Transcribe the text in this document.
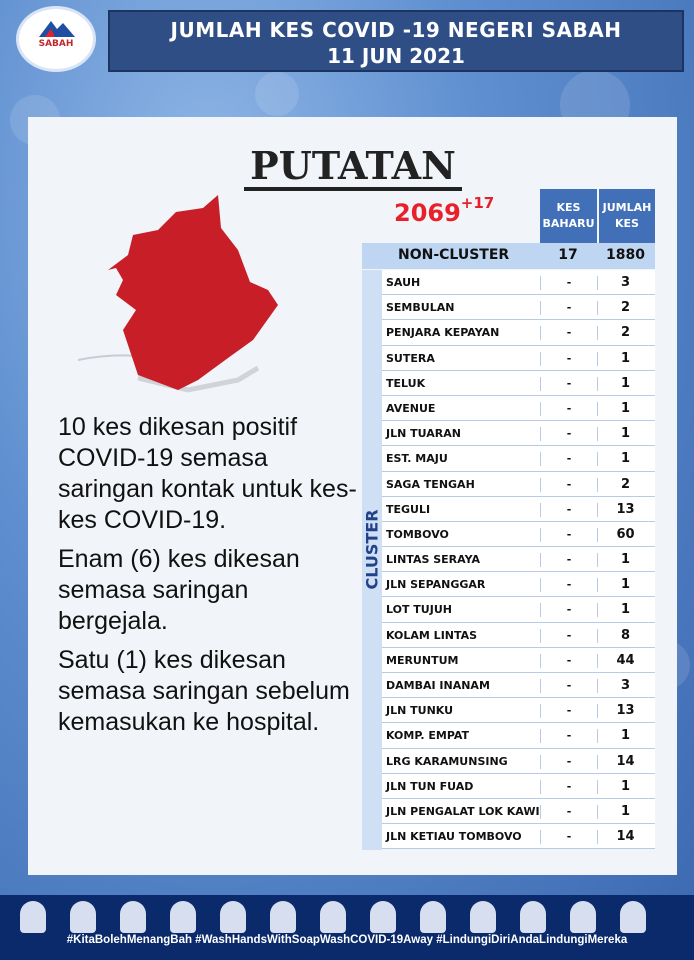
SABAH
JUMLAH KES COVID -19 NEGERI SABAH
11 JUN 2021
PUTATAN
$2069^{+17}$	KES BAHARU
JUMLAH KES
NON-CLUSTER	17	1880
CLUSTER
SAUH	-	3
SEMBULAN	-	2
PENJARA KEPAYAN	-	2
SUTERA	-	1
TELUK	-	1
AVENUE	-	1
JLN TUARAN	-	1
EST. MAJU	-	1
SAGA TENGAH	-	2
TEGULI	-	13
TOMBOVO	-	60
LINTAS SERAYA	-	1
JLN SEPANGGAR	-	1
LOT TUJUH	-	1
KOLAM LINTAS	-	8
MERUNTUM	-	44
DAMBAI INANAM	-	3
JLN TUNKU	-	13
KOMP. EMPAT	-	1
LRG KARAMUNSING	-	14
JLN TUN FUAD	-	1
JLN PENGALAT LOK KAWI	-	1
JLN KETIAU TOMBOVO	-	14

10 kes dikesan positif COVID-19 semasa saringan kontak untuk kes-kes COVID-19.

Enam (6) kes dikesan semasa saringan bergejala.

Satu (1) kes dikesan semasa saringan sebelum kemasukan ke hospital.

#KitaBolehMenangBah #WashHandsWithSoapWashCOVID-19Away #LindungiDiriAndaLindungiMereka
